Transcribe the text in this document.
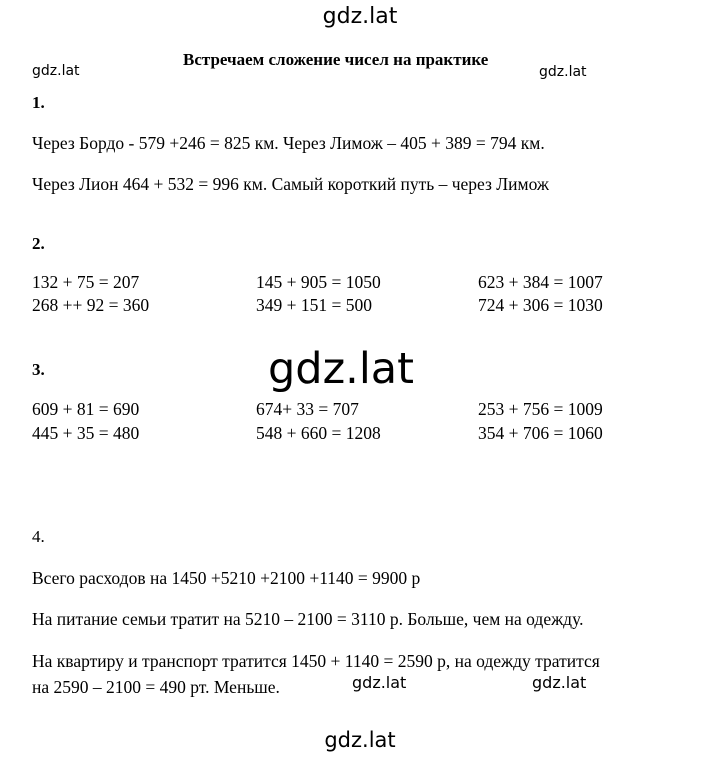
gdz.lat
gdz.lat
Встречаем сложение чисел на практике
gdz.lat
1.
Через Бордо - 579 +246 = 825 км. Через Лимож – 405 + 389 = 794 км.
Через Лион 464 + 532 = 996 км. Самый короткий путь – через Лимож
2.
132 + 75 = 207	145 + 905 = 1050	623 + 384 = 1007
268 ++ 92 = 360	349 + 151 = 500	724 + 306 = 1030
3.	gdz.lat
609 + 81 = 690	674+ 33 = 707	253 + 756 = 1009
445 + 35 = 480	548 + 660 = 1208	354 + 706 = 1060
4.
Всего расходов на 1450 +5210 +2100 +1140 = 9900 р
На питание семьи тратит на 5210 – 2100 = 3110 р. Больше, чем на одежду.
На квартиру и транспорт тратится 1450 + 1140 = 2590 р, на одежду тратится
на 2590 – 2100 = 490 рт. Меньше.	gdz.lat	gdz.lat
gdz.lat
